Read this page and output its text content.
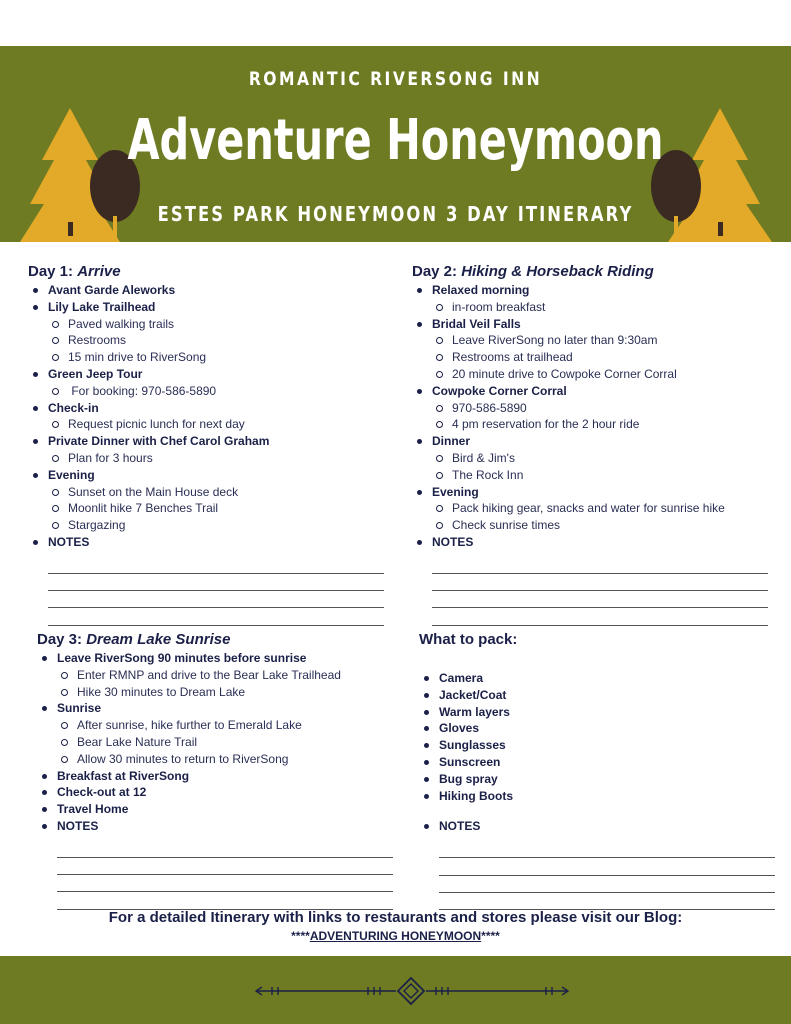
ROMANTIC RIVERSONG INN
Adventure Honeymoon
ESTES PARK HONEYMOON 3 DAY ITINERARY
Day 1: Arrive
Avant Garde Aleworks
Lily Lake Trailhead
Paved walking trails
Restrooms
15 min drive to RiverSong
Green Jeep Tour
For booking: 970-586-5890
Check-in
Request picnic lunch for next day
Private Dinner with Chef Carol Graham
Plan for 3 hours
Evening
Sunset on the Main House deck
Moonlit hike 7 Benches Trail
Stargazing
NOTES
Day 2: Hiking & Horseback Riding
Relaxed morning
in-room breakfast
Bridal Veil Falls
Leave RiverSong no later than 9:30am
Restrooms at trailhead
20 minute drive to Cowpoke Corner Corral
Cowpoke Corner Corral
970-586-5890
4 pm reservation for the 2 hour ride
Dinner
Bird & Jim's
The Rock Inn
Evening
Pack hiking gear, snacks and water for sunrise hike
Check sunrise times
NOTES
Day 3: Dream Lake Sunrise
Leave RiverSong 90 minutes before sunrise
Enter RMNP and drive to the Bear Lake Trailhead
Hike 30 minutes to Dream Lake
Sunrise
After sunrise, hike further to Emerald Lake
Bear Lake Nature Trail
Allow 30 minutes to return to RiverSong
Breakfast at RiverSong
Check-out at 12
Travel Home
NOTES
What to pack:
Camera
Jacket/Coat
Warm layers
Gloves
Sunglasses
Sunscreen
Bug spray
Hiking Boots
NOTES
For a detailed Itinerary with links to restaurants and stores please visit our Blog:
****ADVENTURING HONEYMOON****
